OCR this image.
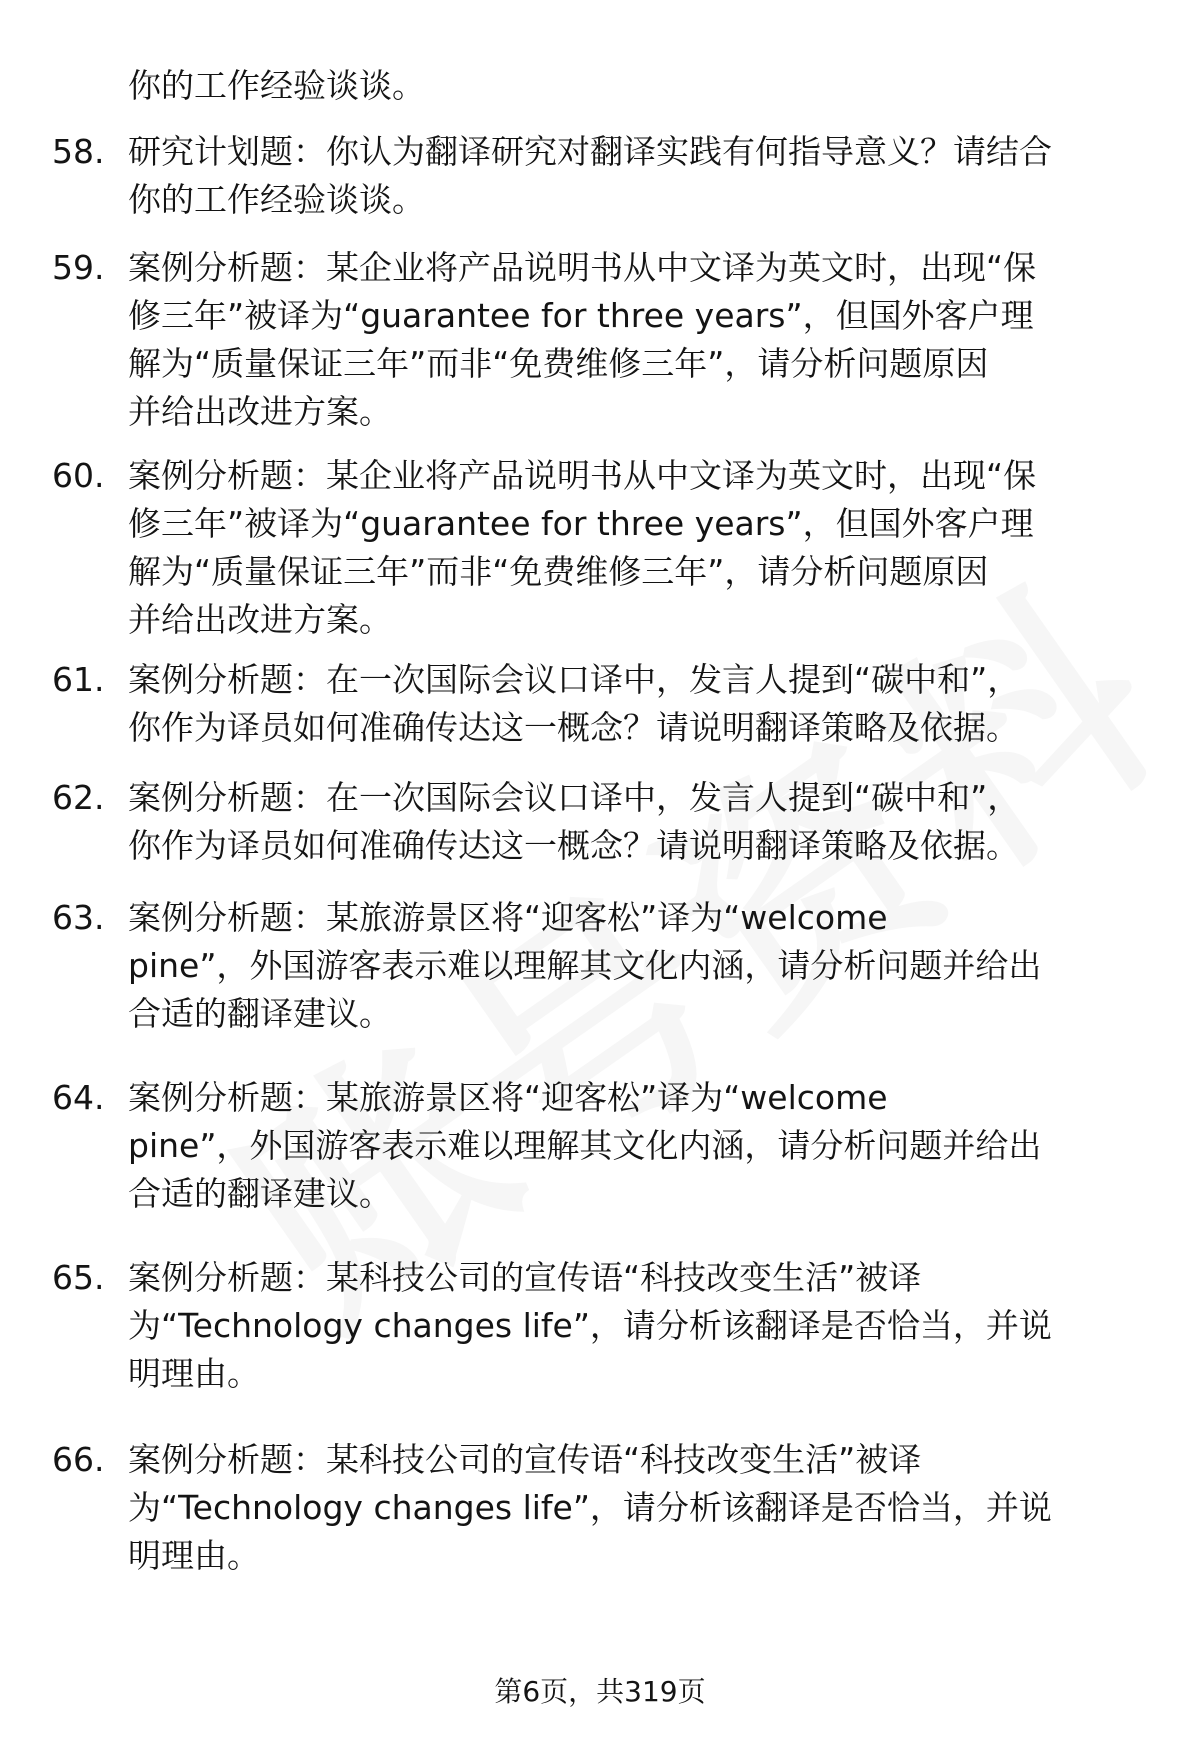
你的工作经验谈谈。
58. 研究计划题：你认为翻译研究对翻译实践有何指导意义？请结合
你的工作经验谈谈。
59. 案例分析题：某企业将产品说明书从中文译为英文时，出现“保
修三年”被译为“guarantee for three years”，但国外客户理
解为“质量保证三年”而非“免费维修三年”，请分析问题原因
并给出改进方案。
60. 案例分析题：某企业将产品说明书从中文译为英文时，出现“保
修三年”被译为“guarantee for three years”，但国外客户理
解为“质量保证三年”而非“免费维修三年”，请分析问题原因
并给出改进方案。
61. 案例分析题：在一次国际会议口译中，发言人提到“碳中和”，
你作为译员如何准确传达这一概念？请说明翻译策略及依据。
62. 案例分析题：在一次国际会议口译中，发言人提到“碳中和”，
你作为译员如何准确传达这一概念？请说明翻译策略及依据。
63. 案例分析题：某旅游景区将“迎客松”译为“welcome
pine”，外国游客表示难以理解其文化内涵，请分析问题并给出
合适的翻译建议。
64. 案例分析题：某旅游景区将“迎客松”译为“welcome
pine”，外国游客表示难以理解其文化内涵，请分析问题并给出
合适的翻译建议。
65. 案例分析题：某科技公司的宣传语“科技改变生活”被译
为“Technology changes life”，请分析该翻译是否恰当，并说
明理由。
66. 案例分析题：某科技公司的宣传语“科技改变生活”被译
为“Technology changes life”，请分析该翻译是否恰当，并说
明理由。
第6页，共319页
